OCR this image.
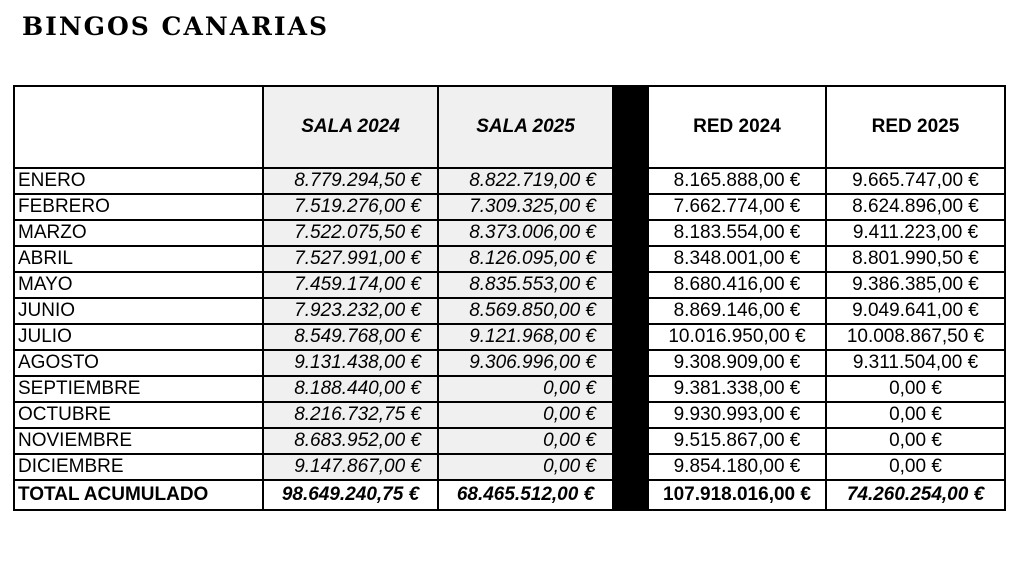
BINGOS CANARIAS
	SALA 2024	SALA 2025		RED 2024	RED 2025
ENERO	8.779.294,50 €	8.822.719,00 €		8.165.888,00 €	9.665.747,00 €
FEBRERO	7.519.276,00 €	7.309.325,00 €		7.662.774,00 €	8.624.896,00 €
MARZO	7.522.075,50 €	8.373.006,00 €		8.183.554,00 €	9.411.223,00 €
ABRIL	7.527.991,00 €	8.126.095,00 €		8.348.001,00 €	8.801.990,50 €
MAYO	7.459.174,00 €	8.835.553,00 €		8.680.416,00 €	9.386.385,00 €
JUNIO	7.923.232,00 €	8.569.850,00 €		8.869.146,00 €	9.049.641,00 €
JULIO	8.549.768,00 €	9.121.968,00 €		10.016.950,00 €	10.008.867,50 €
AGOSTO	9.131.438,00 €	9.306.996,00 €		9.308.909,00 €	9.311.504,00 €
SEPTIEMBRE	8.188.440,00 €	0,00 €		9.381.338,00 €	0,00 €
OCTUBRE	8.216.732,75 €	0,00 €		9.930.993,00 €	0,00 €
NOVIEMBRE	8.683.952,00 €	0,00 €		9.515.867,00 €	0,00 €
DICIEMBRE	9.147.867,00 €	0,00 €		9.854.180,00 €	0,00 €
TOTAL ACUMULADO	98.649.240,75 €	68.465.512,00 €		107.918.016,00 €	74.260.254,00 €
